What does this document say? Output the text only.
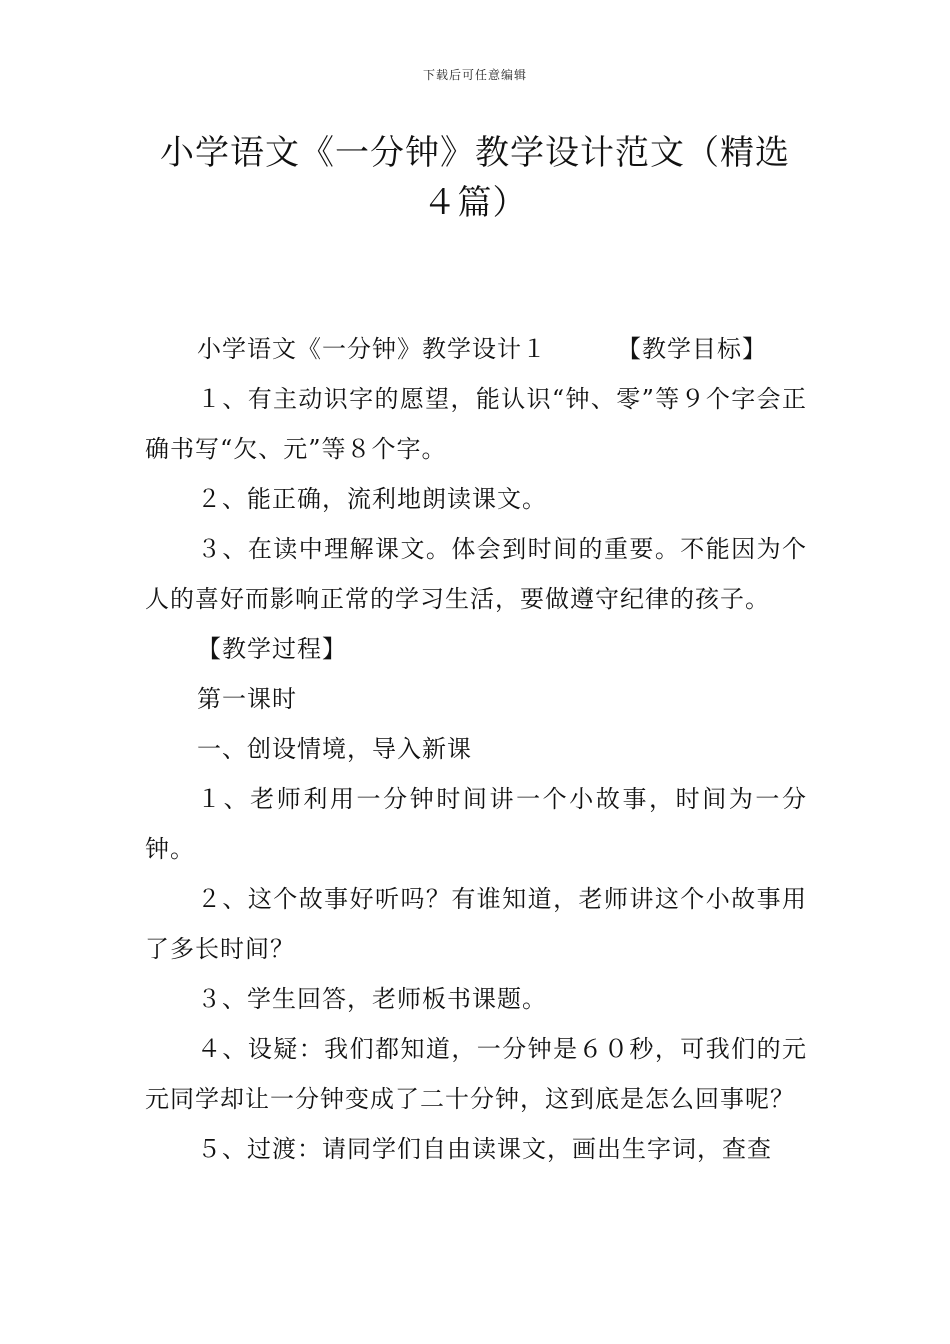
下载后可任意编辑
小学语文《一分钟》教学设计范文（精选４篇）

小学语文《一分钟》教学设计１	【教学目标】

１、有主动识字的愿望，能认识“钟、零”等９个字会正确书写“欠、元”等８个字。

２、能正确，流利地朗读课文。

３、在读中理解课文。体会到时间的重要。不能因为个人的喜好而影响正常的学习生活，要做遵守纪律的孩子。

【教学过程】

第一课时

一、创设情境，导入新课

１、老师利用一分钟时间讲一个小故事，时间为一分钟。

２、这个故事好听吗？有谁知道，老师讲这个小故事用了多长时间？

３、学生回答，老师板书课题。

４、设疑：我们都知道，一分钟是６０秒，可我们的元元同学却让一分钟变成了二十分钟，这到底是怎么回事呢？

５、过渡：请同学们自由读课文，画出生字词，查查
